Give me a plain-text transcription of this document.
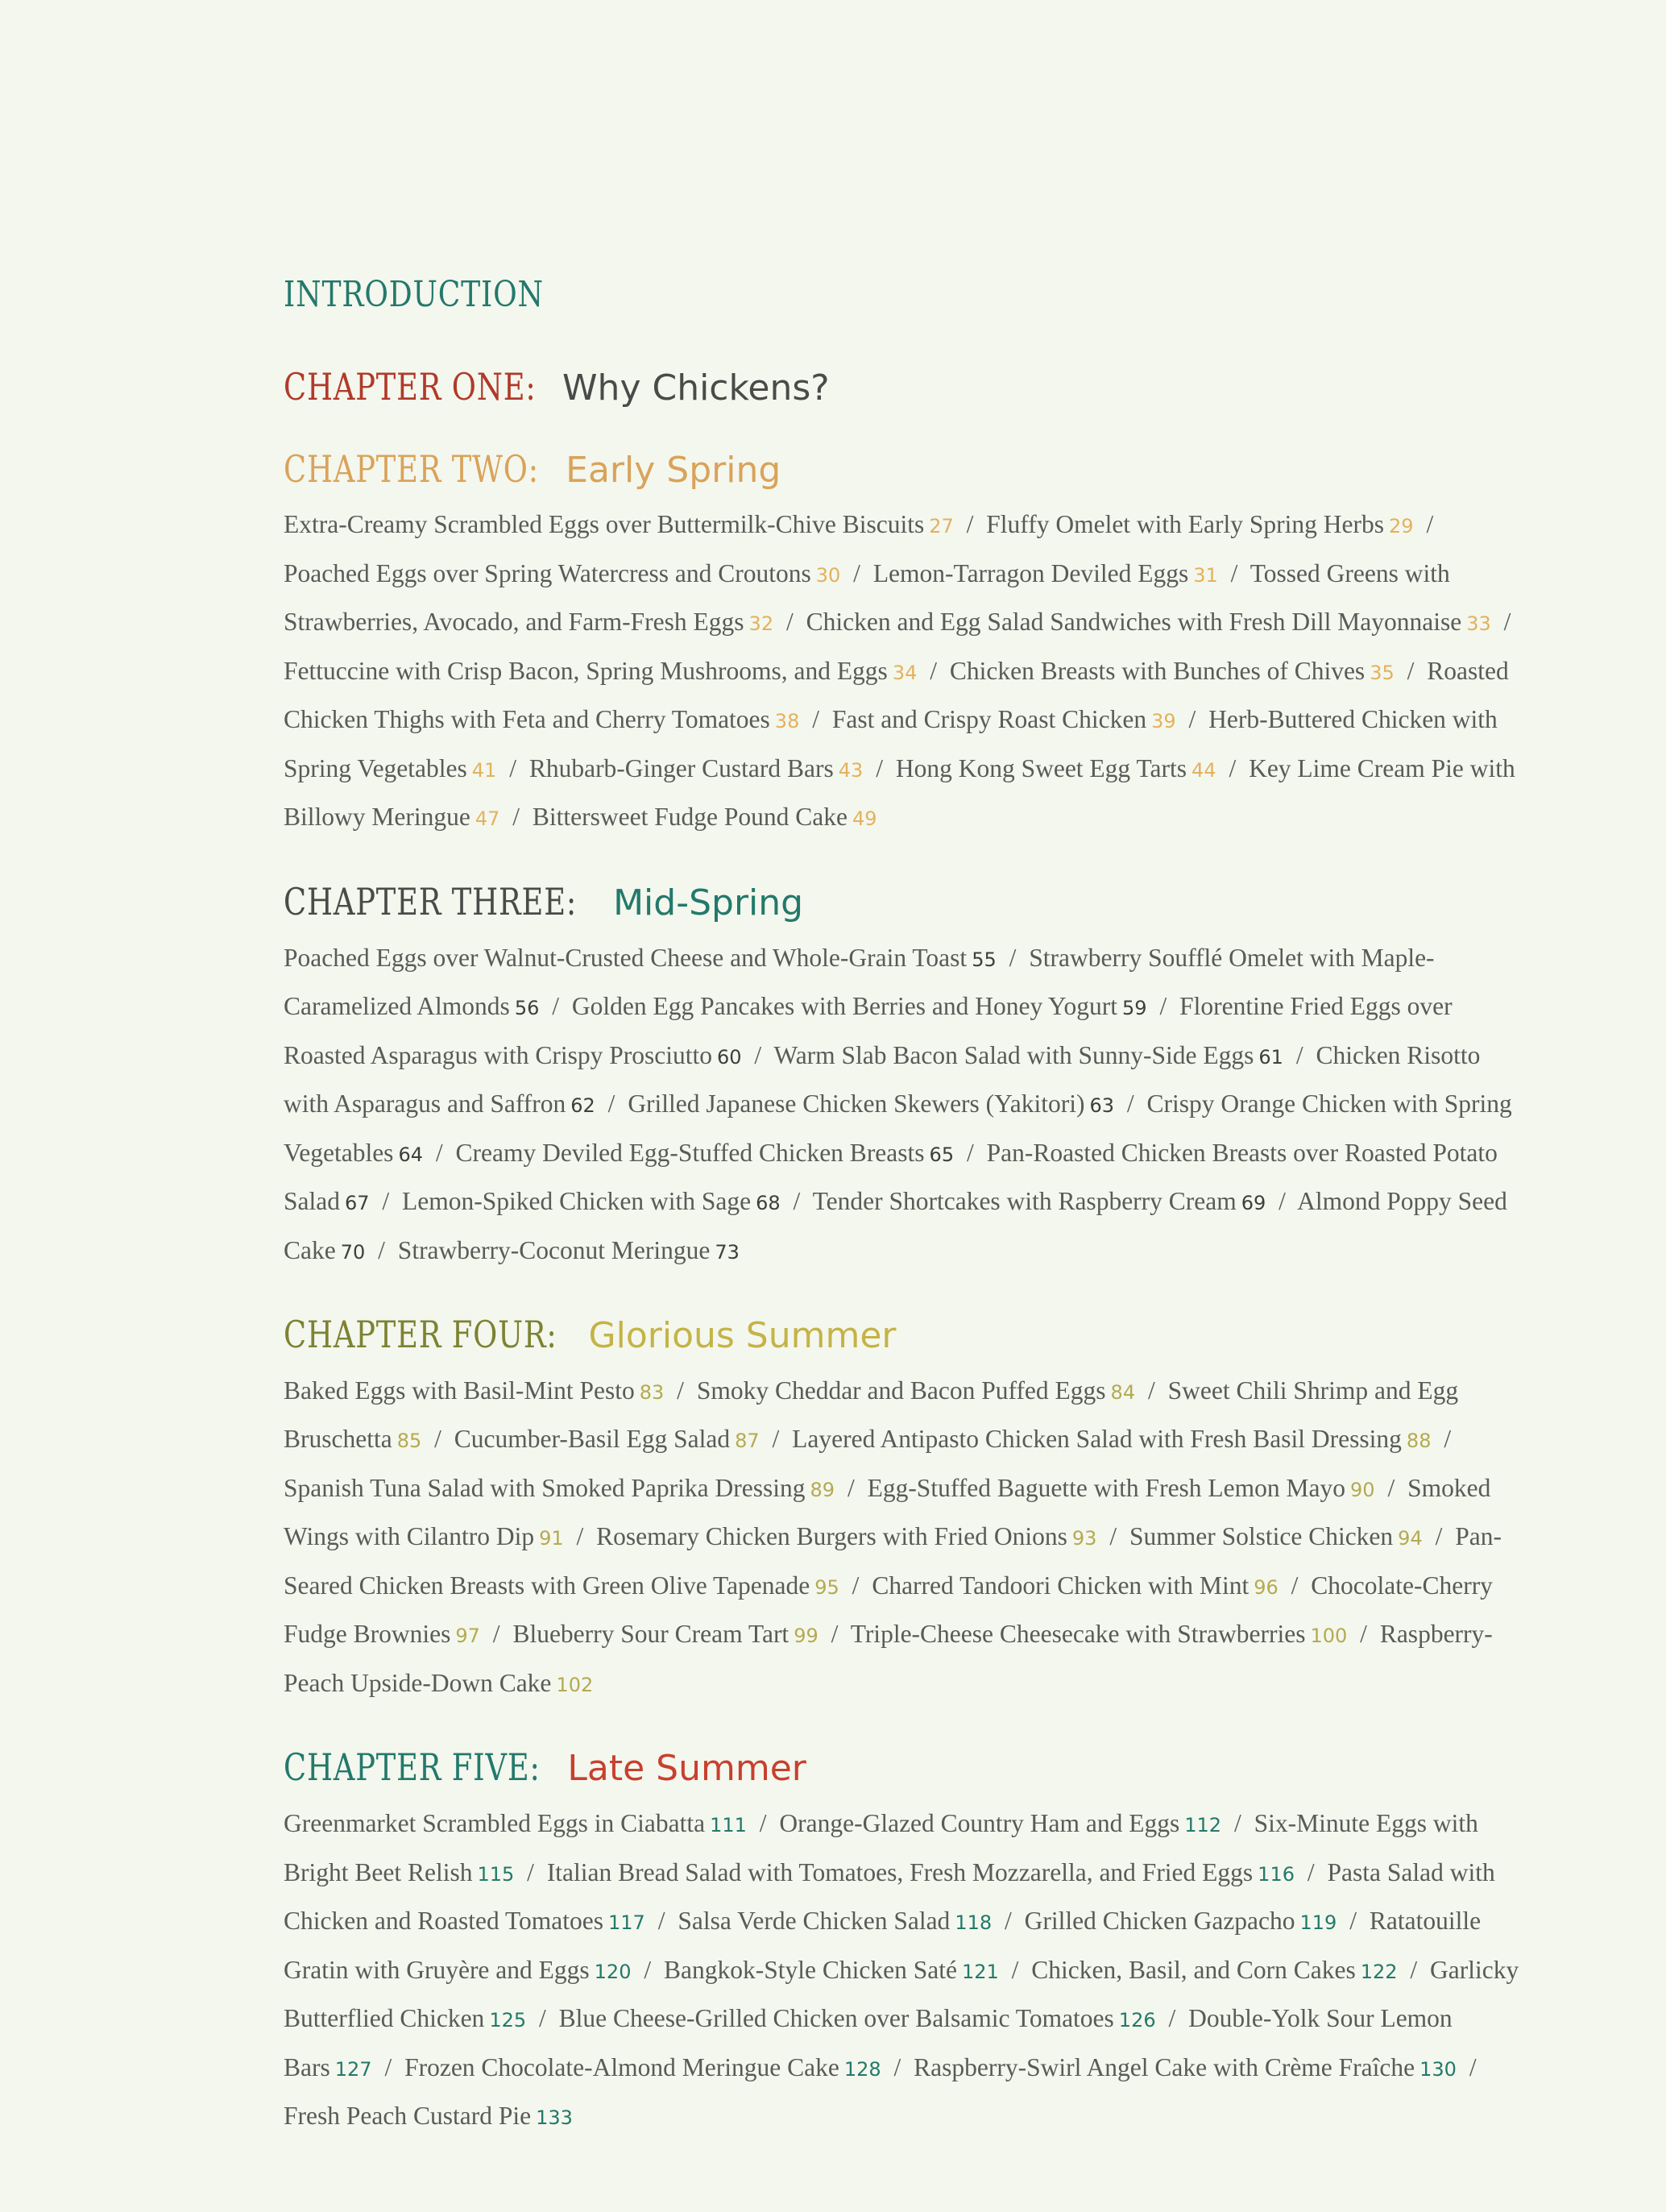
INTRODUCTION
CHAPTER ONE: Why Chickens?
CHAPTER TWO: Early Spring

Extra-Creamy Scrambled Eggs over Buttermilk-Chive Biscuits 27 / Fluffy Omelet with Early Spring Herbs 29 / Poached Eggs over Spring Watercress and Croutons 30 / Lemon-Tarragon Deviled Eggs 31 / Tossed Greens with Strawberries, Avocado, and Farm-Fresh Eggs 32 / Chicken and Egg Salad Sandwiches with Fresh Dill Mayonnaise 33 / Fettuccine with Crisp Bacon, Spring Mushrooms, and Eggs 34 / Chicken Breasts with Bunches of Chives 35 / Roasted Chicken Thighs with Feta and Cherry Tomatoes 38 / Fast and Crispy Roast Chicken 39 / Herb-Buttered Chicken with Spring Vegetables 41 / Rhubarb-Ginger Custard Bars 43 / Hong Kong Sweet Egg Tarts 44 / Key Lime Cream Pie with Billowy Meringue 47 / Bittersweet Fudge Pound Cake 49

CHAPTER THREE: Mid-Spring

Poached Eggs over Walnut-Crusted Cheese and Whole-Grain Toast 55 / Strawberry Soufflé Omelet with Maple-Caramelized Almonds 56 / Golden Egg Pancakes with Berries and Honey Yogurt 59 / Florentine Fried Eggs over Roasted Asparagus with Crispy Prosciutto 60 / Warm Slab Bacon Salad with Sunny-Side Eggs 61 / Chicken Risotto with Asparagus and Saffron 62 / Grilled Japanese Chicken Skewers (Yakitori) 63 / Crispy Orange Chicken with Spring Vegetables 64 / Creamy Deviled Egg-Stuffed Chicken Breasts 65 / Pan-Roasted Chicken Breasts over Roasted Potato Salad 67 / Lemon-Spiked Chicken with Sage 68 / Tender Shortcakes with Raspberry Cream 69 / Almond Poppy Seed Cake 70 / Strawberry-Coconut Meringue 73

CHAPTER FOUR: Glorious Summer

Baked Eggs with Basil-Mint Pesto 83 / Smoky Cheddar and Bacon Puffed Eggs 84 / Sweet Chili Shrimp and Egg Bruschetta 85 / Cucumber-Basil Egg Salad 87 / Layered Antipasto Chicken Salad with Fresh Basil Dressing 88 / Spanish Tuna Salad with Smoked Paprika Dressing 89 / Egg-Stuffed Baguette with Fresh Lemon Mayo 90 / Smoked Wings with Cilantro Dip 91 / Rosemary Chicken Burgers with Fried Onions 93 / Summer Solstice Chicken 94 / Pan-Seared Chicken Breasts with Green Olive Tapenade 95 / Charred Tandoori Chicken with Mint 96 / Chocolate-Cherry Fudge Brownies 97 / Blueberry Sour Cream Tart 99 / Triple-Cheese Cheesecake with Strawberries 100 / Raspberry-Peach Upside-Down Cake 102

CHAPTER FIVE: Late Summer

Greenmarket Scrambled Eggs in Ciabatta 111 / Orange-Glazed Country Ham and Eggs 112 / Six-Minute Eggs with Bright Beet Relish 115 / Italian Bread Salad with Tomatoes, Fresh Mozzarella, and Fried Eggs 116 / Pasta Salad with Chicken and Roasted Tomatoes 117 / Salsa Verde Chicken Salad 118 / Grilled Chicken Gazpacho 119 / Ratatouille Gratin with Gruyère and Eggs 120 / Bangkok-Style Chicken Saté 121 / Chicken, Basil, and Corn Cakes 122 / Garlicky Butterflied Chicken 125 / Blue Cheese-Grilled Chicken over Balsamic Tomatoes 126 / Double-Yolk Sour Lemon Bars 127 / Frozen Chocolate-Almond Meringue Cake 128 / Raspberry-Swirl Angel Cake with Crème Fraîche 130 / Fresh Peach Custard Pie 133
